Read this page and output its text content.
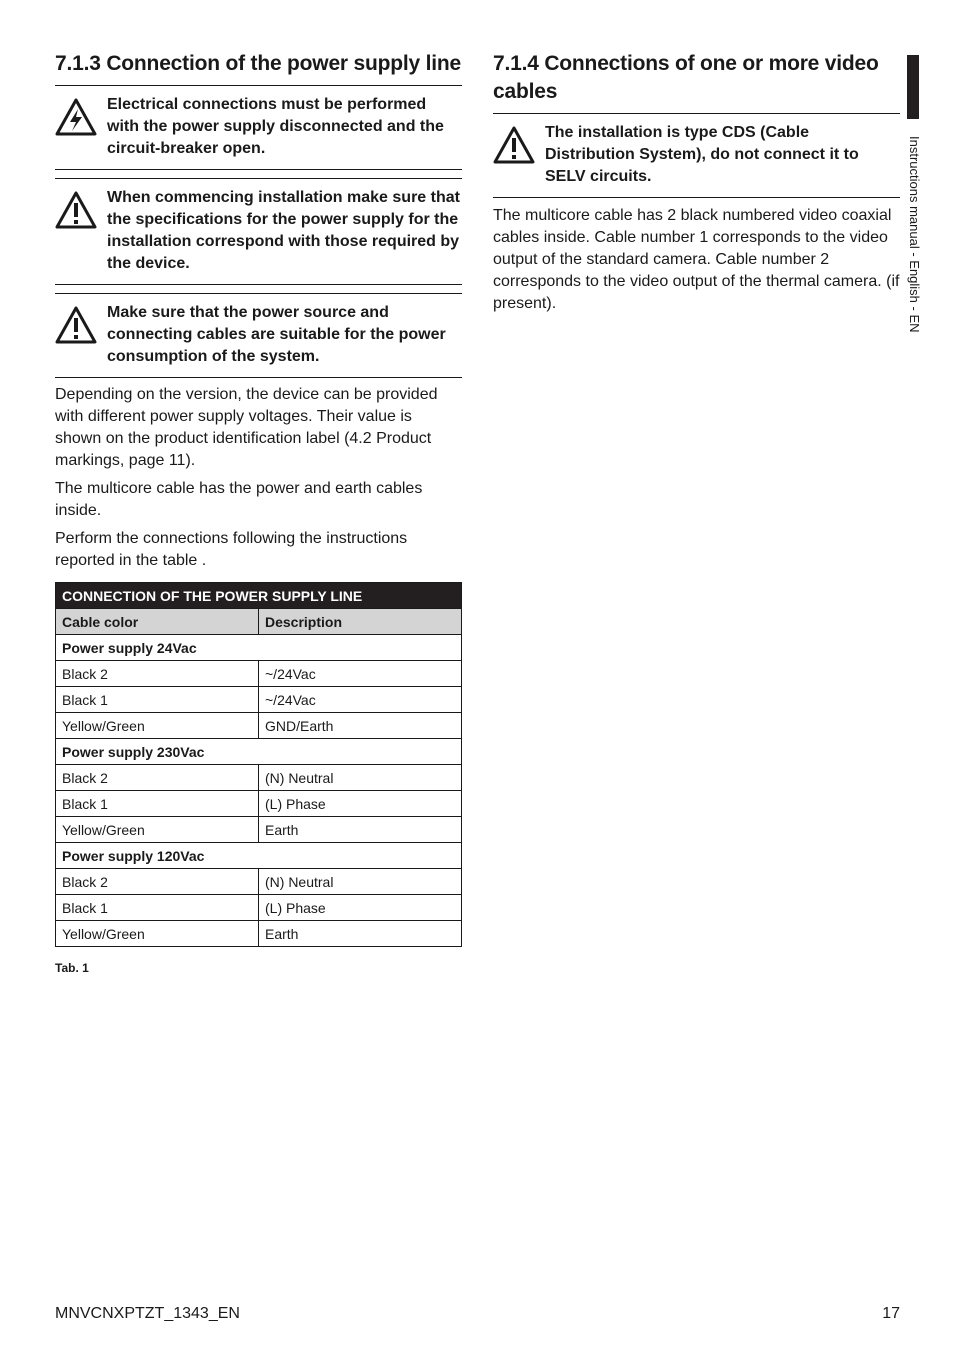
Instructions manual - English - EN
7.1.3 Connection of the power supply line
Electrical connections must be performed with the power supply disconnected and the circuit-breaker open.
When commencing installation make sure that the specifications for the power supply for the installation correspond with those required by the device.
Make sure that the power source and connecting cables are suitable for the power consumption of the system.

Depending on the version, the device can be provided with different power supply voltages. Their value is shown on the product identification label (4.2 Product markings, page 11).

The multicore cable has the power and earth cables inside.

Perform the connections following the instructions reported in the table .

CONNECTION OF THE POWER SUPPLY LINE	
Cable color	Description
Power supply 24Vac	
Black 2	~/24Vac
Black 1	~/24Vac
Yellow/Green	GND/Earth
Power supply 230Vac	
Black 2	(N) Neutral
Black 1	(L) Phase
Yellow/Green	Earth
Power supply 120Vac	
Black 2	(N) Neutral
Black 1	(L) Phase
Yellow/Green	Earth
Tab. 1
7.1.4 Connections of one or more video cables
The installation is type CDS (Cable Distribution System), do not connect it to SELV circuits.

The multicore cable has 2 black numbered video coaxial cables inside. Cable number 1 corresponds to the video output of the standard camera. Cable number 2 corresponds to the video output of the thermal camera. (if present).

MNVCNXPTZT_1343_EN	17
